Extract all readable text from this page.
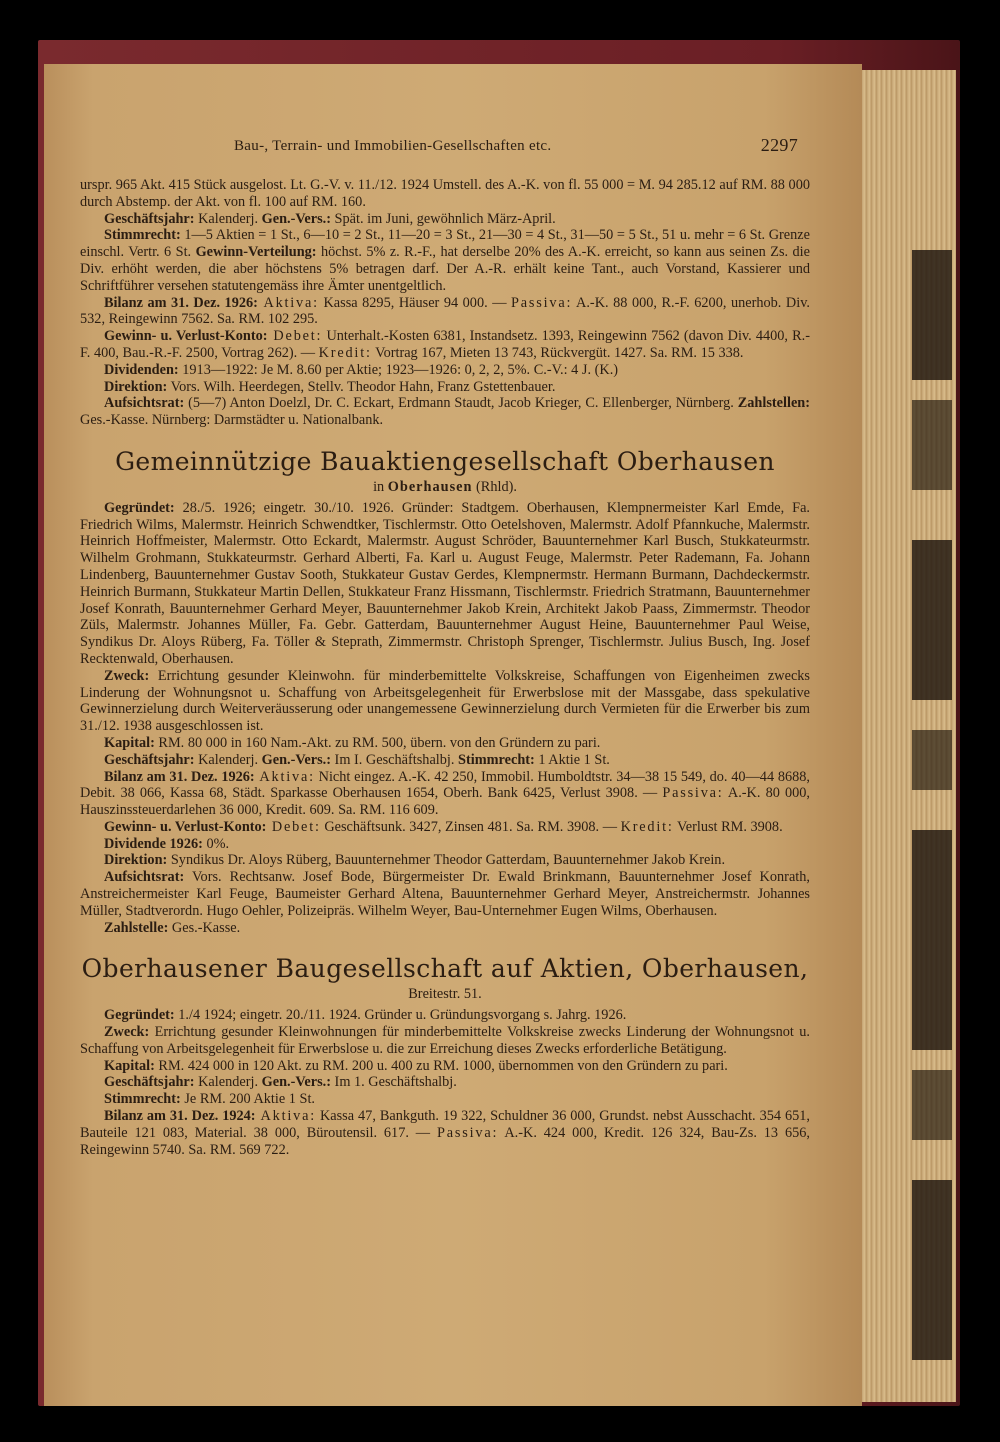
Bau-, Terrain- und Immobilien-Gesellschaften etc.	2297

urspr. 965 Akt. 415 Stück ausgelost. Lt. G.-V. v. 11./12. 1924 Umstell. des A.-K. von fl. 55 000 = M. 94 285.12 auf RM. 88 000 durch Abstemp. der Akt. von fl. 100 auf RM. 160.

Geschäftsjahr: Kalenderj. Gen.-Vers.: Spät. im Juni, gewöhnlich März-April.

Stimmrecht: 1—5 Aktien = 1 St., 6—10 = 2 St., 11—20 = 3 St., 21—30 = 4 St., 31—50 = 5 St., 51 u. mehr = 6 St. Grenze einschl. Vertr. 6 St. Gewinn-Verteilung: höchst. 5% z. R.-F., hat derselbe 20% des A.-K. erreicht, so kann aus seinen Zs. die Div. erhöht werden, die aber höchstens 5% betragen darf. Der A.-R. erhält keine Tant., auch Vorstand, Kassierer und Schriftführer versehen statutengemäss ihre Ämter unentgeltlich.

Bilanz am 31. Dez. 1926: Aktiva: Kassa 8295, Häuser 94 000. — Passiva: A.-K. 88 000, R.-F. 6200, unerhob. Div. 532, Reingewinn 7562. Sa. RM. 102 295.

Gewinn- u. Verlust-Konto: Debet: Unterhalt.-Kosten 6381, Instandsetz. 1393, Reingewinn 7562 (davon Div. 4400, R.-F. 400, Bau.-R.-F. 2500, Vortrag 262). — Kredit: Vortrag 167, Mieten 13 743, Rückvergüt. 1427. Sa. RM. 15 338.

Dividenden: 1913—1922: Je M. 8.60 per Aktie; 1923—1926: 0, 2, 2, 5%. C.-V.: 4 J. (K.)

Direktion: Vors. Wilh. Heerdegen, Stellv. Theodor Hahn, Franz Gstettenbauer.

Aufsichtsrat: (5—7) Anton Doelzl, Dr. C. Eckart, Erdmann Staudt, Jacob Krieger, C. Ellenberger, Nürnberg. Zahlstellen: Ges.-Kasse. Nürnberg: Darmstädter u. Nationalbank.

Gemeinnützige Bauaktiengesellschaft Oberhausen
in Oberhausen (Rhld).

Gegründet: 28./5. 1926; eingetr. 30./10. 1926. Gründer: Stadtgem. Oberhausen, Klempnermeister Karl Emde, Fa. Friedrich Wilms, Malermstr. Heinrich Schwendtker, Tischlermstr. Otto Oetelshoven, Malermstr. Adolf Pfannkuche, Malermstr. Heinrich Hoffmeister, Malermstr. Otto Eckardt, Malermstr. August Schröder, Bauunternehmer Karl Busch, Stukkateurmstr. Wilhelm Grohmann, Stukkateurmstr. Gerhard Alberti, Fa. Karl u. August Feuge, Malermstr. Peter Rademann, Fa. Johann Lindenberg, Bauunternehmer Gustav Sooth, Stukkateur Gustav Gerdes, Klempnermstr. Hermann Burmann, Dachdeckermstr. Heinrich Burmann, Stukkateur Martin Dellen, Stukkateur Franz Hissmann, Tischlermstr. Friedrich Stratmann, Bauunternehmer Josef Konrath, Bauunternehmer Gerhard Meyer, Bauunternehmer Jakob Krein, Architekt Jakob Paass, Zimmermstr. Theodor Züls, Malermstr. Johannes Müller, Fa. Gebr. Gatterdam, Bauunternehmer August Heine, Bauunternehmer Paul Weise, Syndikus Dr. Aloys Rüberg, Fa. Töller & Steprath, Zimmermstr. Christoph Sprenger, Tischlermstr. Julius Busch, Ing. Josef Recktenwald, Oberhausen.

Zweck: Errichtung gesunder Kleinwohn. für minderbemittelte Volkskreise, Schaffungen von Eigenheimen zwecks Linderung der Wohnungsnot u. Schaffung von Arbeitsgelegenheit für Erwerbslose mit der Massgabe, dass spekulative Gewinnerzielung durch Weiterveräusserung oder unangemessene Gewinnerzielung durch Vermieten für die Erwerber bis zum 31./12. 1938 ausgeschlossen ist.

Kapital: RM. 80 000 in 160 Nam.-Akt. zu RM. 500, übern. von den Gründern zu pari.

Geschäftsjahr: Kalenderj. Gen.-Vers.: Im I. Geschäftshalbj. Stimmrecht: 1 Aktie 1 St.

Bilanz am 31. Dez. 1926: Aktiva: Nicht eingez. A.-K. 42 250, Immobil. Humboldtstr. 34—38 15 549, do. 40—44 8688, Debit. 38 066, Kassa 68, Städt. Sparkasse Oberhausen 1654, Oberh. Bank 6425, Verlust 3908. — Passiva: A.-K. 80 000, Hauszinssteuerdarlehen 36 000, Kredit. 609. Sa. RM. 116 609.

Gewinn- u. Verlust-Konto: Debet: Geschäftsunk. 3427, Zinsen 481. Sa. RM. 3908. — Kredit: Verlust RM. 3908.

Dividende 1926: 0%.

Direktion: Syndikus Dr. Aloys Rüberg, Bauunternehmer Theodor Gatterdam, Bauunternehmer Jakob Krein.

Aufsichtsrat: Vors. Rechtsanw. Josef Bode, Bürgermeister Dr. Ewald Brinkmann, Bauunternehmer Josef Konrath, Anstreichermeister Karl Feuge, Baumeister Gerhard Altena, Bauunternehmer Gerhard Meyer, Anstreichermstr. Johannes Müller, Stadtverordn. Hugo Oehler, Polizeipräs. Wilhelm Weyer, Bau-Unternehmer Eugen Wilms, Oberhausen.

Zahlstelle: Ges.-Kasse.

Oberhausener Baugesellschaft auf Aktien, Oberhausen,
Breitestr. 51.

Gegründet: 1./4 1924; eingetr. 20./11. 1924. Gründer u. Gründungsvorgang s. Jahrg. 1926.

Zweck: Errichtung gesunder Kleinwohnungen für minderbemittelte Volkskreise zwecks Linderung der Wohnungsnot u. Schaffung von Arbeitsgelegenheit für Erwerbslose u. die zur Erreichung dieses Zwecks erforderliche Betätigung.

Kapital: RM. 424 000 in 120 Akt. zu RM. 200 u. 400 zu RM. 1000, übernommen von den Gründern zu pari.

Geschäftsjahr: Kalenderj. Gen.-Vers.: Im 1. Geschäftshalbj.

Stimmrecht: Je RM. 200 Aktie 1 St.

Bilanz am 31. Dez. 1924: Aktiva: Kassa 47, Bankguth. 19 322, Schuldner 36 000, Grundst. nebst Ausschacht. 354 651, Bauteile 121 083, Material. 38 000, Büroutensil. 617. — Passiva: A.-K. 424 000, Kredit. 126 324, Bau-Zs. 13 656, Reingewinn 5740. Sa. RM. 569 722.
